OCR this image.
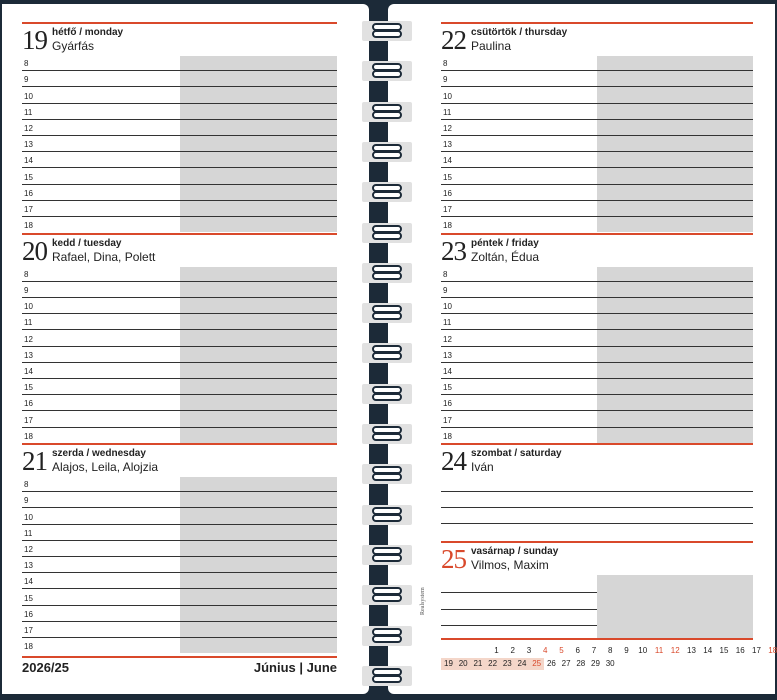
19 hétfő / monday
Gyárfás
8
9
10
11
12
13
14
15
16
17
18
20 kedd / tuesday
Rafael, Dina, Polett
8
9
10
11
12
13
14
15
16
17
18
21 szerda / wednesday
Alajos, Leila, Alojzia
8
9
10
11
12
13
14
15
16
17
18
22 csütörtök / thursday
Paulina
8
9
10
11
12
13
14
15
16
17
18
23 péntek / friday
Zoltán, Édua
8
9
10
11
12
13
14
15
16
17
18
24 szombat / saturday
Iván
25 vasárnap / sunday
Vilmos, Maxim
2026/25	Június | June
Realsystem
1	2	3	4	5	6	7	8	9	10 11 12 13 14 15 16 17 18
19 20 21 22 23 24 25 26 27 28 29 30
